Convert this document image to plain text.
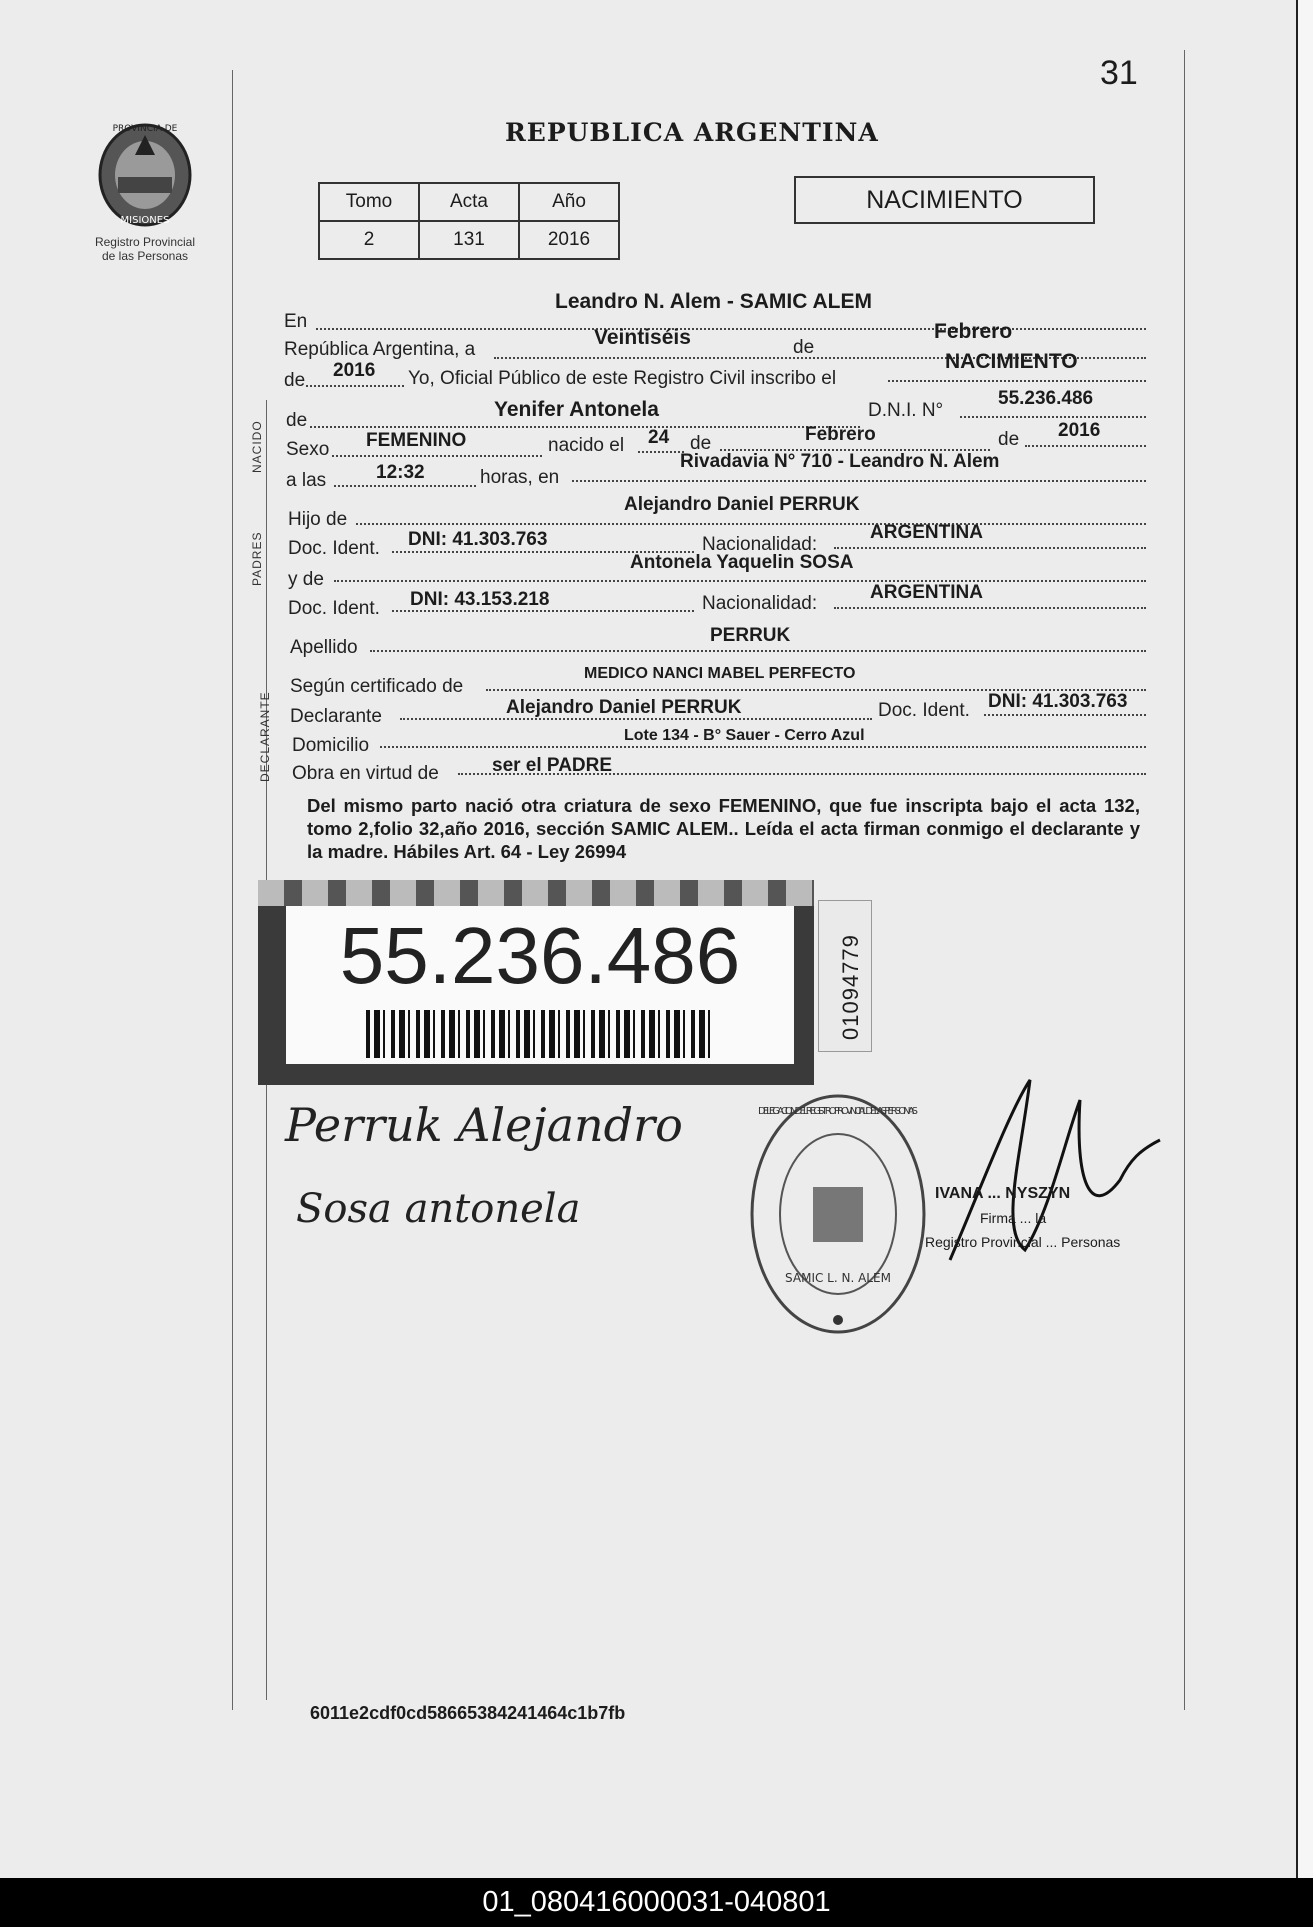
31
PROVINCIA DE
MISIONES
Registro Provincial
de las Personas
REPUBLICA ARGENTINA
Tomo	Acta	Año
2	131	2016
NACIMIENTO
En
Leandro N. Alem - SAMIC ALEM
República Argentina, a
Veintiséis	de
Febrero
de 2016 Yo, Oficial Público de este Registro Civil inscribo el
NACIMIENTO
NACIDO de	Yenifer Antonela	D.N.I. N°
55.236.486
Sexo FEMENINO	nacido el 24 de	Febrero	de 2016
a las	12:32	horas, en
Rivadavia N° 710 - Leandro N. Alem
PADRES
Hijo de
Alejandro Daniel PERRUK
Doc. Ident. DNI: 41.303.763	Nacionalidad:
ARGENTINA
y de
Antonela Yaquelin SOSA
Doc. Ident. DNI: 43.153.218	Nacionalidad:
ARGENTINA
Apellido
PERRUK
DECLARANTE
Según certificado de
MEDICO NANCI MABEL PERFECTO
Declarante	Alejandro Daniel PERRUK	Doc. Ident. DNI: 41.303.763
Domicilio	Lote 134 - B° Sauer - Cerro Azul
Obra en virtud de	ser el PADRE
Del mismo parto nació otra criatura de sexo FEMENINO, que fue inscripta bajo el acta 132, tomo 2,folio 32,año 2016, sección SAMIC ALEM.. Leída el acta firman conmigo el declarante y la madre. Hábiles Art. 64 - Ley 26994
55.236.486	01094779
Perruk Alejandro
Sosa antonela
SAMIC L. N. ALEM
DELEGACION DEL REGISTRO PROVINCIAL DE LAS PERSONAS
IVANA ... NYSZYN
Firma ... la
Registro Provincial ... Personas
6011e2cdf0cd58665384241464c1b7fb
01_080416000031-040801
